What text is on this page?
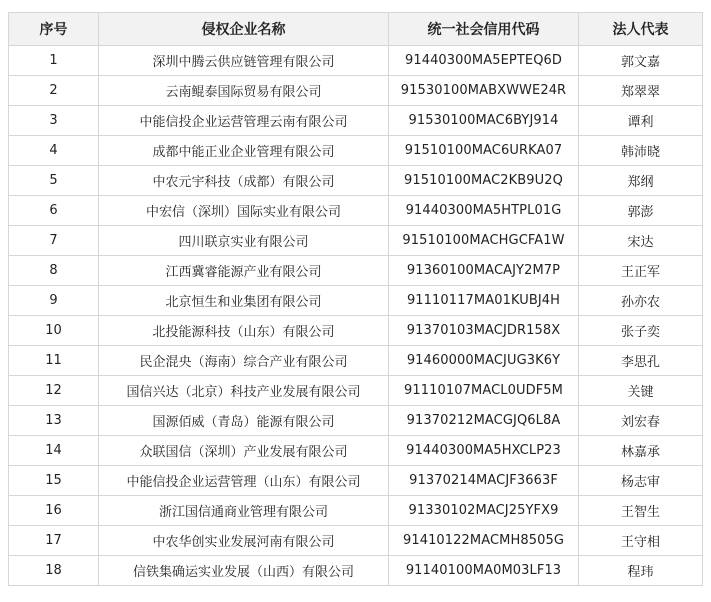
序号	侵权企业名称	统一社会信用代码	法人代表
1	深圳中腾云供应链管理有限公司	91440300MA5EPTEQ6D	郭文嘉
2	云南鲲泰国际贸易有限公司	91530100MABXWWE24R	郑翠翠
3	中能信投企业运营管理云南有限公司	91530100MAC6BYJ914	谭利
4	成都中能正业企业管理有限公司	91510100MAC6URKA07	韩沛晓
5	中农元宇科技（成都）有限公司	91510100MAC2KB9U2Q	郑纲
6	中宏信（深圳）国际实业有限公司	91440300MA5HTPL01G	郭澎
7	四川联京实业有限公司	91510100MACHGCFA1W	宋达
8	江西冀睿能源产业有限公司	91360100MACAJY2M7P	王正军
9	北京恒生和业集团有限公司	91110117MA01KUBJ4H	孙亦农
10	北投能源科技（山东）有限公司	91370103MACJDR158X	张子奕
11	民企混央（海南）综合产业有限公司	91460000MACJUG3K6Y	李思孔
12	国信兴达（北京）科技产业发展有限公司	91110107MACL0UDF5M	关键
13	国源佰威（青岛）能源有限公司	91370212MACGJQ6L8A	刘宏春
14	众联国信（深圳）产业发展有限公司	91440300MA5HXCLP23	林嘉承
15	中能信投企业运营管理（山东）有限公司	91370214MACJF3663F	杨志审
16	浙江国信通商业管理有限公司	91330102MACJ25YFX9	王智生
17	中农华创实业发展河南有限公司	91410122MACMH8505G	王守相
18	信铁集确运实业发展（山西）有限公司	91140100MA0M03LF13	程玮
